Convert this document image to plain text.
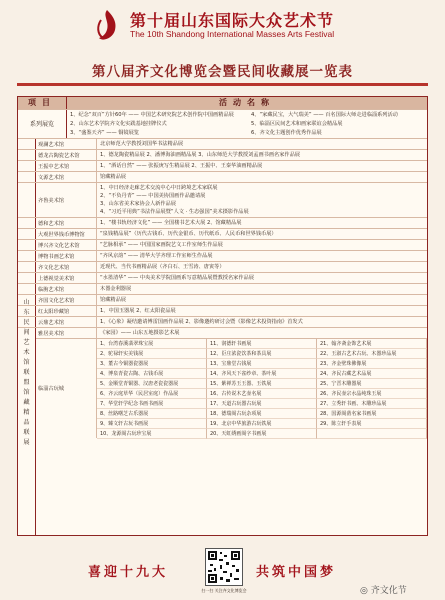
第十届山东国际大众艺术节
The 10th Shandong International Masses Arts Festival
第八届齐文化博览会暨民间收藏展一览表
项目	活动名称
系列展览
1、纪念“双百”方针60年 —— 中国艺术研究院艺术创作院中国画精品展
2、山东艺术学院齐文化实践基地挂牌仪式
3、“盛鉴天齐” —— 铜镜展览
4、“家藏民宝，大气瑞美” —— 百名国际大师走进临淄系列活动
5、临淄区民间艺术和画家联谊会精品展
6、齐文化主题创作优秀作品展
山东民间艺术馆联盟馆藏精品联展
观澜艺术馆	北京师范大学教授刘国华书法精品展
德龙古陶瓷艺术馆	1、德龙陶瓷精品展 2、潘博海油画精品展 3、山东师范大学教授刘孟画书画名家作品展
王振中艺术馆	1、“酒话自然” —— 张振庚写生精品展 2、王振中、王秦华油画精品展
文源艺术馆	馆藏精品展
齐鲁美术馆
1、中日经济走廊艺术交流中心中日跨境艺术家联展
2、“不负丹青” —— 中国美协国画作品邀请展
3、山东省美术家协会人新作品展
4、“习近平用典”书法作品展暨“人文 · 生态强国”美术摄影作品展
德和艺术馆	1、“楼书轨经济文化” —— 全国楼书艺术大展 2、馆藏精品展
大观世界钱币博物馆	“泉钱精品展”（历代古钱币、历代金银币、历代纸币、人民币和世界钱币展）
博兴齐文化艺术馆	“艺脉相承” —— 中国国家画院艺文工作室师生作品展
博物书画艺术馆	“齐风京韵” —— 清华大学齐理工作室师生作品展
齐文化艺术馆	近现代、当代书画精品展（齐白石、王雪涛、唐寅等）
上德视觉美术馆	“水墨清华” —— 中央美术学院国画系写意精品展暨教授名家作品展
临朐艺术馆	木器金利器展
齐国文化艺术馆	馆藏精品展
红太阳珍藏馆	1、中国玉器展 2、红太阳瓷品展
云鼎艺术馆	1、《心象》凝结邀请傅雷国画作品展 2、影像邀约研讨会暨《影像艺术投资指南》首发式
雅居美术馆	《家园》—— 山东五地摄影艺术展
临淄古玩城
1、台湾春溪翡翠珠宝展	11、润德轩书画展	21、翰齐斋金饰艺术展
2、驼禄轩实美钱展	12、臣庄浓瓷饮茶和茶具展	22、玉淑古艺术古玩、木器珍品展
3、董古今铜器瓷器展	13、宝鼎堂古钱展	23、齐金壁珠佛像展
4、博泉青瓷古陶、古钱币展	14、齐风天下雀纱章、茶叶展	24、齐民古藏艺术品展
5、金顺堂青铜器、汉唐老瓷瓷器展	15、紫禅苏玉玉器、玉铁展	25、宁晋木雕器展
6、齐云庭草华（民居室庭）作品展	16、古传说木艺壶名展	26、齐民壶宗水晶纯珠玉展
7、华堂轩学纪念书画书画展	17、天道古玩器古玩展	27、立秀轩书画、木雕珍品展
8、丝路曙芝古乐器展	18、德瑞阁古玩杂项展	28、国源阁凿名家书画展
9、臻文轩古玩书画展	19、北京中华旅游古玩铁展	29、陈立轩手表展
10、龙源阁古玩珍宝展	20、天虹绣画阁字书画展
喜迎十九大
扫一扫 关注齐文化博览会
共筑中国梦
◎ 齐文化节
